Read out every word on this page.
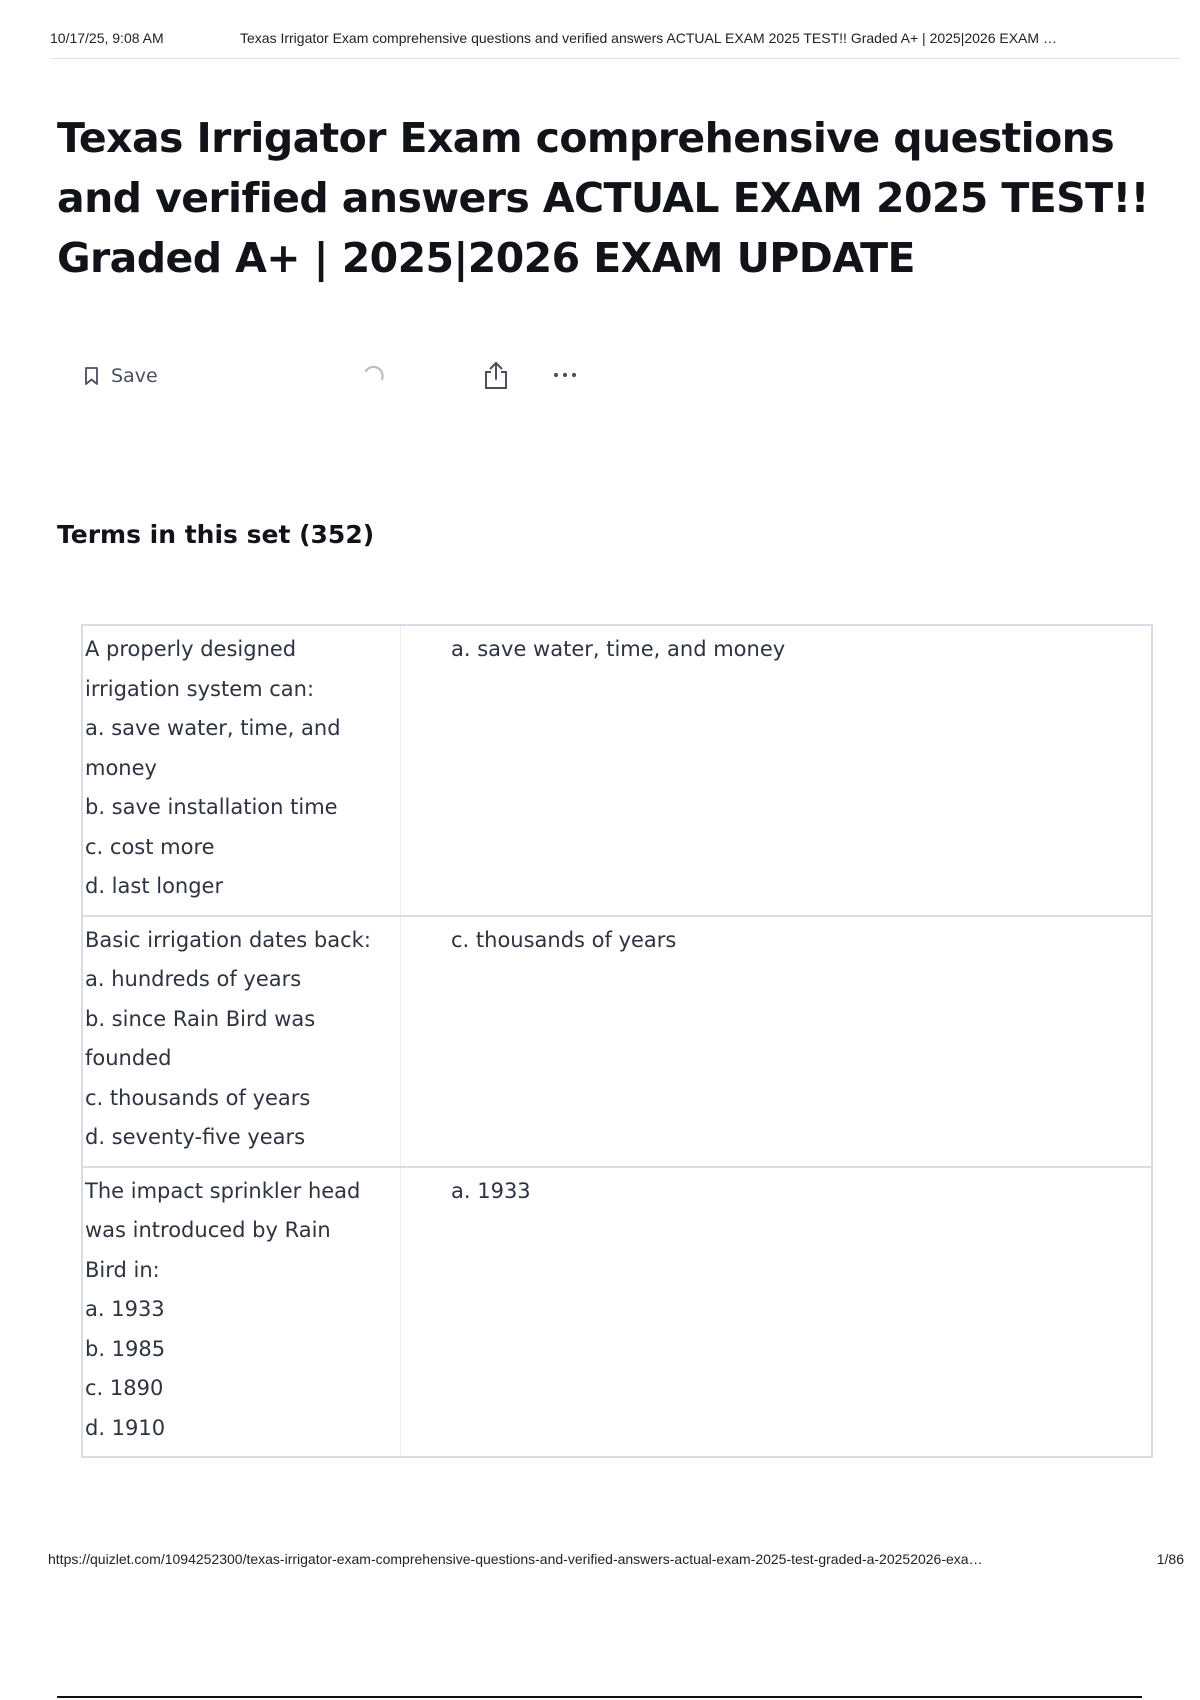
10/17/25, 9:08 AM	Texas Irrigator Exam comprehensive questions and verified answers ACTUAL EXAM 2025 TEST!! Graded A+ | 2025|2026 EXAM …
Texas Irrigator Exam comprehensive questions
and verified answers ACTUAL EXAM 2025 TEST!!
Graded A+ | 2025|2026 EXAM UPDATE
Save
Terms in this set (352)
A properly designed
irrigation system can:
a. save water, time, and
money
b. save installation time
c. cost more
d. last longer
a. save water, time, and money
Basic irrigation dates back:
a. hundreds of years
b. since Rain Bird was
founded
c. thousands of years
d. seventy-five years
c. thousands of years
The impact sprinkler head
was introduced by Rain
Bird in:
a. 1933
b. 1985
c. 1890
d. 1910
a. 1933
https://quizlet.com/1094252300/texas-irrigator-exam-comprehensive-questions-and-verified-answers-actual-exam-2025-test-graded-a-20252026-exa…	1/86
